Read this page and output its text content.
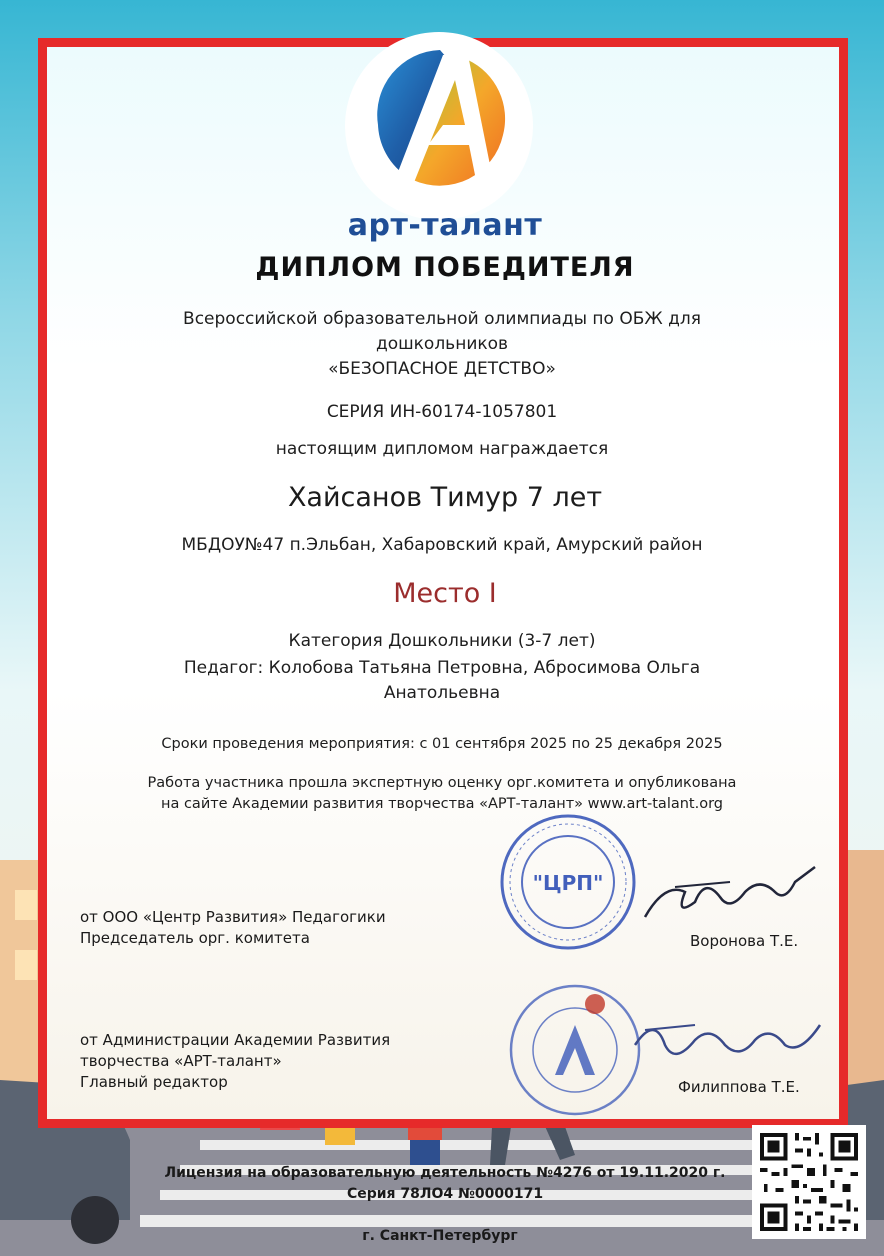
арт-талант
ДИПЛОМ ПОБЕДИТЕЛЯ
Всероссийской образовательной олимпиады по ОБЖ для
дошкольников
«БЕЗОПАСНОЕ ДЕТСТВО»
СЕРИЯ ИН-60174-1057801
настоящим дипломом награждается
Хайсанов Тимур 7 лет
МБДОУ№47 п.Эльбан, Хабаровский край, Амурский район
Место I
Категория Дошкольники (3-7 лет)
Педагог: Колобова Татьяна Петровна, Абросимова Ольга
Анатольевна
Сроки проведения мероприятия: с 01 сентября 2025 по 25 декабря 2025
Работа участника прошла экспертную оценку орг.комитета и опубликована
на сайте Академии развития творчества «АРТ-талант» www.art-talant.org
"ЦРП"
от ООО «Центр Развития» Педагогики
Председатель орг. комитета	Воронова Т.Е.
от Администрации Академии Развития
творчества «АРТ-талант»
Главный редактор	Филиппова Т.Е.
Лицензия на образовательную деятельность №4276 от 19.11.2020 г.
Серия 78ЛО4 №0000171
г. Санкт-Петербург
